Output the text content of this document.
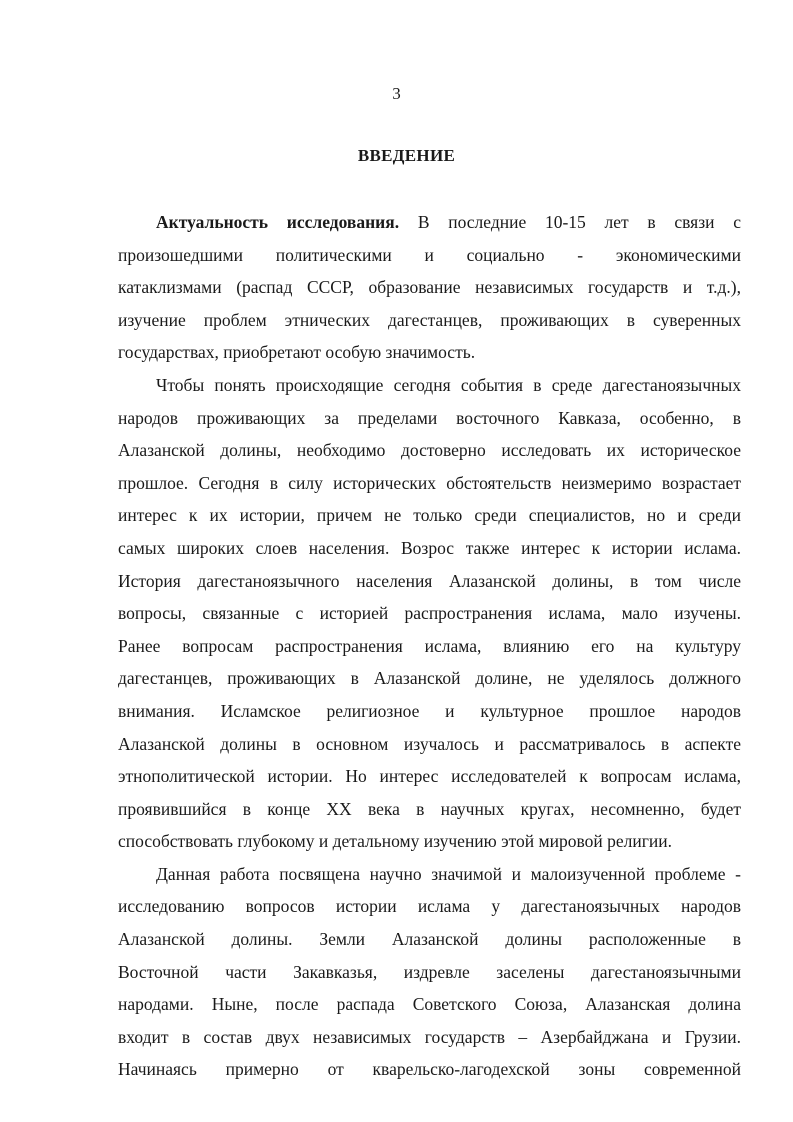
3
ВВЕДЕНИЕ
Актуальность исследования. В последние 10-15 лет в связи с
произошедшими политическими и социально - экономическими
катаклизмами (распад СССР, образование независимых государств и т.д.),
изучение проблем этнических дагестанцев, проживающих в суверенных
государствах, приобретают особую значимость.
Чтобы понять происходящие сегодня события в среде дагестаноязычных
народов проживающих за пределами восточного Кавказа, особенно, в
Алазанской долины, необходимо достоверно исследовать их историческое
прошлое. Сегодня в силу исторических обстоятельств неизмеримо возрастает
интерес к их истории, причем не только среди специалистов, но и среди
самых широких слоев населения. Возрос также интерес к истории ислама.
История дагестаноязычного населения Алазанской долины, в том числе
вопросы, связанные с историей распространения ислама, мало изучены.
Ранее вопросам распространения ислама, влиянию его на культуру
дагестанцев, проживающих в Алазанской долине, не уделялось должного
внимания. Исламское религиозное и культурное прошлое народов
Алазанской долины в основном изучалось и рассматривалось в аспекте
этнополитической истории. Но интерес исследователей к вопросам ислама,
проявившийся в конце XX века в научных кругах, несомненно, будет
способствовать глубокому и детальному изучению этой мировой религии.
Данная работа посвящена научно значимой и малоизученной проблеме -
исследованию вопросов истории ислама у дагестаноязычных народов
Алазанской долины. Земли Алазанской долины расположенные в
Восточной части Закавказья, издревле заселены дагестаноязычными
народами. Ныне, после распада Советского Союза, Алазанская долина
входит в состав двух независимых государств – Азербайджана и Грузии.
Начинаясь примерно от кварельско-лагодехской зоны современной
